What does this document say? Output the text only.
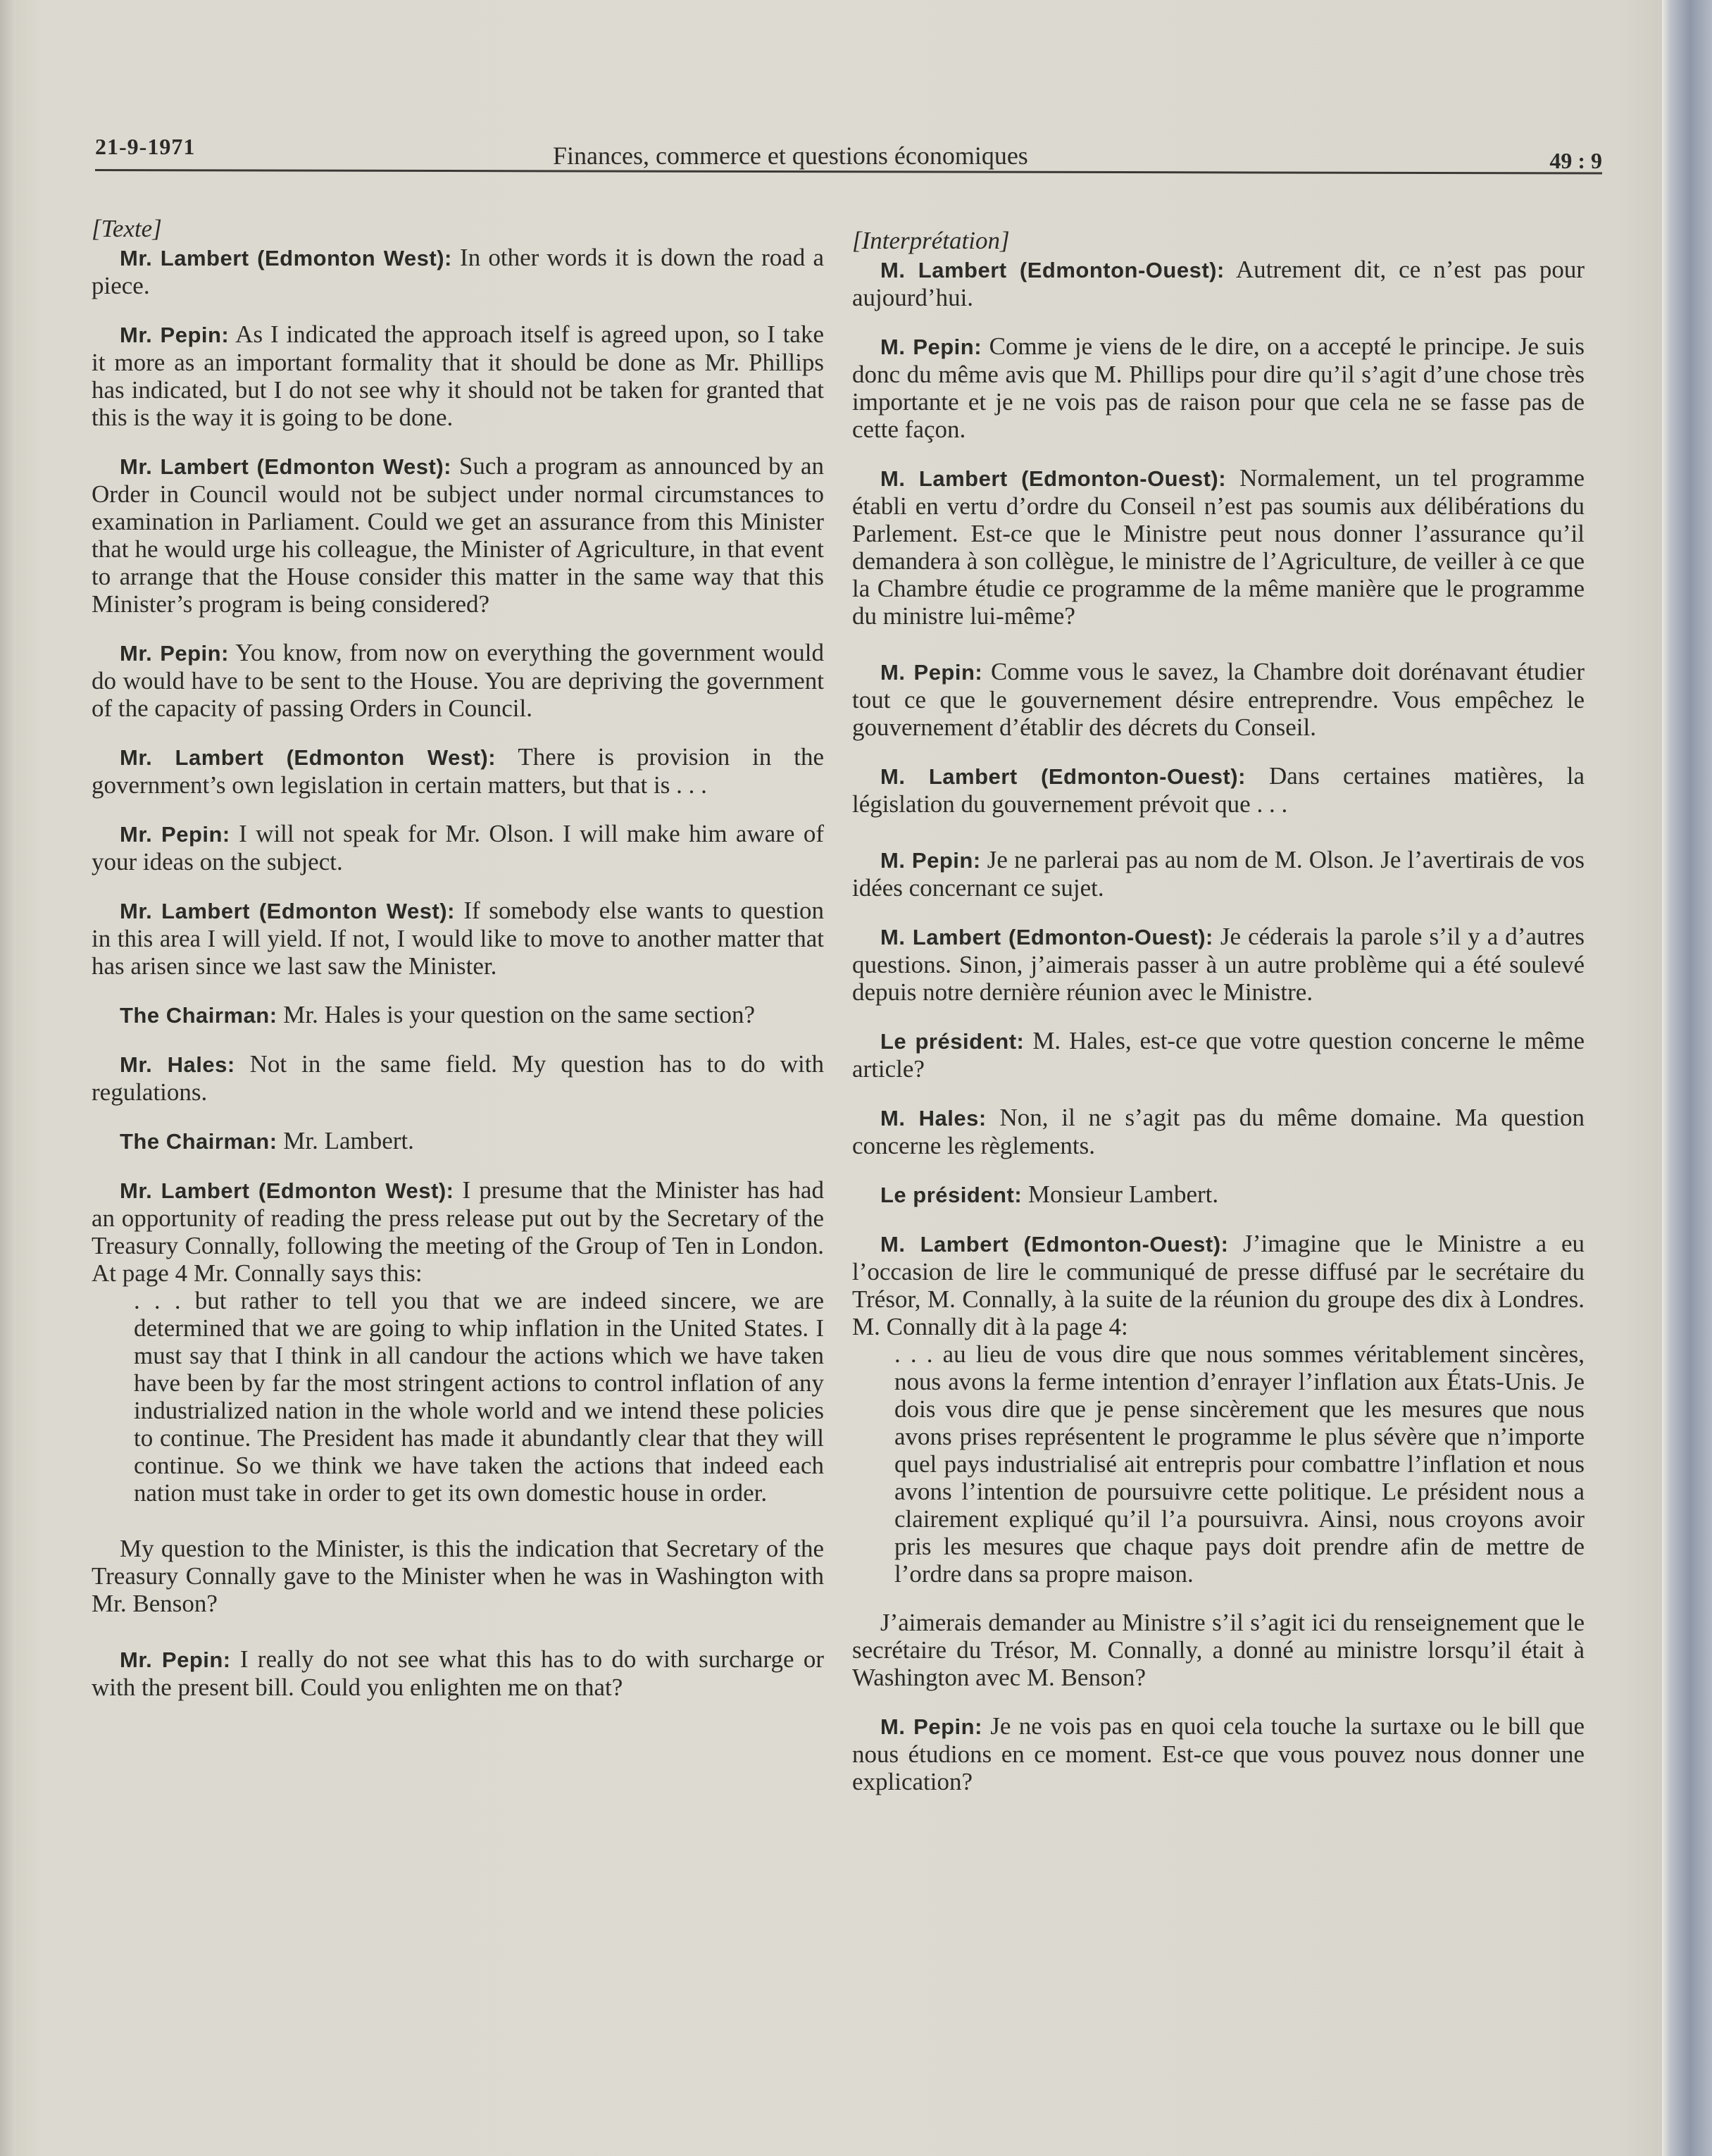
21-9-1971	Finances, commerce et questions économiques	49 : 9
[Texte]

Mr. Lambert (Edmonton West): In other words it is down the road a piece.

Mr. Pepin: As I indicated the approach itself is agreed upon, so I take it more as an important formality that it should be done as Mr. Phillips has indicated, but I do not see why it should not be taken for granted that this is the way it is going to be done.

Mr. Lambert (Edmonton West): Such a program as announced by an Order in Council would not be subject under normal circumstances to examination in Parliament. Could we get an assurance from this Minister that he would urge his colleague, the Minister of Agriculture, in that event to arrange that the House consider this matter in the same way that this Minister’s program is being considered?

Mr. Pepin: You know, from now on everything the government would do would have to be sent to the House. You are depriving the government of the capacity of passing Orders in Council.

Mr. Lambert (Edmonton West): There is provision in the government’s own legislation in certain matters, but that is . . .

Mr. Pepin: I will not speak for Mr. Olson. I will make him aware of your ideas on the subject.

Mr. Lambert (Edmonton West): If somebody else wants to question in this area I will yield. If not, I would like to move to another matter that has arisen since we last saw the Minister.

The Chairman: Mr. Hales is your question on the same section?

Mr. Hales: Not in the same field. My question has to do with regulations.

The Chairman: Mr. Lambert.

Mr. Lambert (Edmonton West): I presume that the Minister has had an opportunity of reading the press release put out by the Secretary of the Treasury Connally, following the meeting of the Group of Ten in London. At page 4 Mr. Connally says this:

. . . but rather to tell you that we are indeed sincere, we are determined that we are going to whip inflation in the United States. I must say that I think in all candour the actions which we have taken have been by far the most stringent actions to control inflation of any industrialized nation in the whole world and we intend these policies to continue. The President has made it abundantly clear that they will continue. So we think we have taken the actions that indeed each nation must take in order to get its own domestic house in order.

My question to the Minister, is this the indication that Secretary of the Treasury Connally gave to the Minister when he was in Washington with Mr. Benson?

Mr. Pepin: I really do not see what this has to do with surcharge or with the present bill. Could you enlighten me on that?

[Interprétation]

M. Lambert (Edmonton-Ouest): Autrement dit, ce n’est pas pour aujourd’hui.

M. Pepin: Comme je viens de le dire, on a accepté le principe. Je suis donc du même avis que M. Phillips pour dire qu’il s’agit d’une chose très importante et je ne vois pas de raison pour que cela ne se fasse pas de cette façon.

M. Lambert (Edmonton-Ouest): Normalement, un tel programme établi en vertu d’ordre du Conseil n’est pas soumis aux délibérations du Parlement. Est-ce que le Ministre peut nous donner l’assurance qu’il demandera à son collègue, le ministre de l’Agriculture, de veiller à ce que la Chambre étudie ce programme de la même manière que le programme du ministre lui-même?

M. Pepin: Comme vous le savez, la Chambre doit dorénavant étudier tout ce que le gouvernement désire entreprendre. Vous empêchez le gouvernement d’établir des décrets du Conseil.

M. Lambert (Edmonton-Ouest): Dans certaines matières, la législation du gouvernement prévoit que . . .

M. Pepin: Je ne parlerai pas au nom de M. Olson. Je l’avertirais de vos idées concernant ce sujet.

M. Lambert (Edmonton-Ouest): Je céderais la parole s’il y a d’autres questions. Sinon, j’aimerais passer à un autre problème qui a été soulevé depuis notre dernière réunion avec le Ministre.

Le président: M. Hales, est-ce que votre question concerne le même article?

M. Hales: Non, il ne s’agit pas du même domaine. Ma question concerne les règlements.

Le président: Monsieur Lambert.

M. Lambert (Edmonton-Ouest): J’imagine que le Ministre a eu l’occasion de lire le communiqué de presse diffusé par le secrétaire du Trésor, M. Connally, à la suite de la réunion du groupe des dix à Londres. M. Connally dit à la page 4:

. . . au lieu de vous dire que nous sommes véritablement sincères, nous avons la ferme intention d’enrayer l’inflation aux États-Unis. Je dois vous dire que je pense sincèrement que les mesures que nous avons prises représentent le programme le plus sévère que n’importe quel pays industrialisé ait entrepris pour combattre l’inflation et nous avons l’intention de poursuivre cette politique. Le président nous a clairement expliqué qu’il l’a poursuivra. Ainsi, nous croyons avoir pris les mesures que chaque pays doit prendre afin de mettre de l’ordre dans sa propre maison.

J’aimerais demander au Ministre s’il s’agit ici du renseignement que le secrétaire du Trésor, M. Connally, a donné au ministre lorsqu’il était à Washington avec M. Benson?

M. Pepin: Je ne vois pas en quoi cela touche la surtaxe ou le bill que nous étudions en ce moment. Est-ce que vous pouvez nous donner une explication?
